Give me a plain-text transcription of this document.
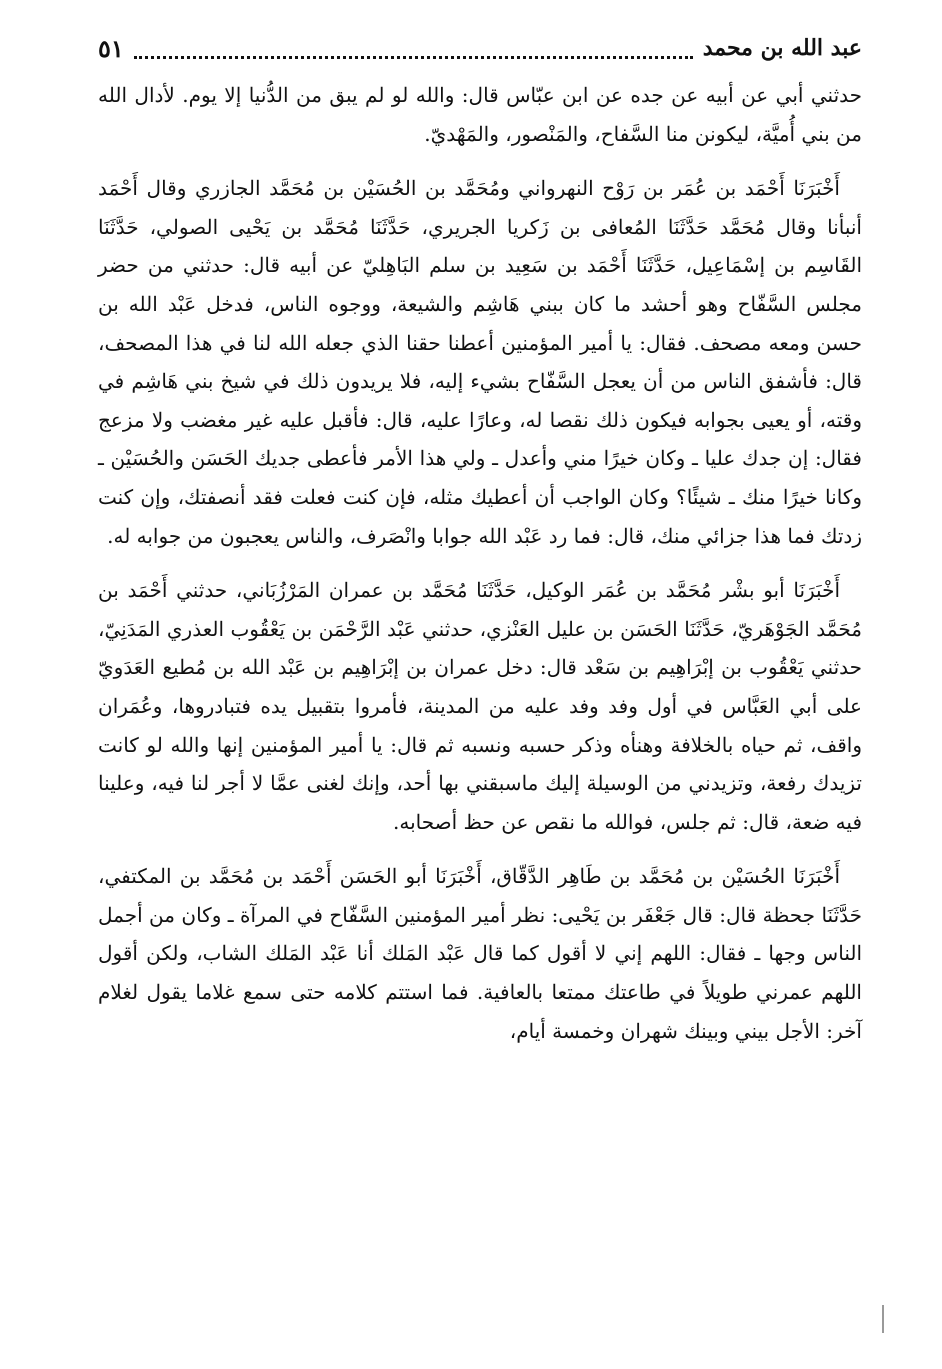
عبد الله بن محمد
٥١

حدثني أبي عن أبيه عن جده عن ابن عبّاس قال: والله لو لم يبق من الدُّنيا إلا يوم. لأدال الله من بني أُميَّة، ليكونن منا السَّفاح، والمَنْصور، والمَهْديّ.

أَخْبَرَنَا أَحْمَد بن عُمَر بن رَوْح النهرواني ومُحَمَّد بن الحُسَيْن بن مُحَمَّد الجازري وقال أَحْمَد أنبأنا وقال مُحَمَّد حَدَّثَنَا المُعافى بن زَكريا الجريري، حَدَّثَنَا مُحَمَّد بن يَحْيى الصولي، حَدَّثَنَا القَاسِم بن إسْمَاعِيل، حَدَّثَنَا أَحْمَد بن سَعِيد بن سلم البَاهِليّ عن أبيه قال: حدثني من حضر مجلس السَّفّاح وهو أحشد ما كان ببني هَاشِم والشيعة، ووجوه الناس، فدخل عَبْد الله بن حسن ومعه مصحف. فقال: يا أمير المؤمنين أعطنا حقنا الذي جعله الله لنا في هذا المصحف، قال: فأشفق الناس من أن يعجل السَّفّاح بشيء إليه، فلا يريدون ذلك في شيخ بني هَاشِم في وقته، أو يعيى بجوابه فيكون ذلك نقصا له، وعارًا عليه، قال: فأقبل عليه غير مغضب ولا مزعج فقال: إن جدك عليا ـ وكان خيرًا مني وأعدل ـ ولي هذا الأمر فأعطى جديك الحَسَن والحُسَيْن ـ وكانا خيرًا منك ـ شيئًا؟ وكان الواجب أن أعطيك مثله، فإن كنت فعلت فقد أنصفتك، وإن كنت زدتك فما هذا جزائي منك، قال: فما رد عَبْد الله جوابا وانْصَرف، والناس يعجبون من جوابه له.

أَخْبَرَنَا أبو بشْر مُحَمَّد بن عُمَر الوكيل، حَدَّثَنَا مُحَمَّد بن عمران المَرْزُبَاني، حدثني أَحْمَد بن مُحَمَّد الجَوْهَريّ، حَدَّثَنَا الحَسَن بن عليل العَنْزي، حدثني عَبْد الرَّحْمَن بن يَعْقُوب العذري المَدَنِيّ، حدثني يَعْقُوب بن إبْرَاهِيم بن سَعْد قال: دخل عمران بن إبْرَاهِيم بن عَبْد الله بن مُطيع العَدَويّ على أبي العَبَّاس في أول وفد وفد عليه من المدينة، فأمروا بتقبيل يده فتبادروها، وعُمَران واقف، ثم حياه بالخلافة وهنأه وذكر حسبه ونسبه ثم قال: يا أمير المؤمنين إنها والله لو كانت تزيدك رفعة، وتزيدني من الوسيلة إليك ماسبقني بها أحد، وإنك لغنى عمَّا لا أجر لنا فيه، وعلينا فيه ضعة، قال: ثم جلس، فوالله ما نقص عن حظ أصحابه.

أَخْبَرَنَا الحُسَيْن بن مُحَمَّد بن طَاهِر الدَّقّاق، أَخْبَرَنَا أبو الحَسَن أَحْمَد بن مُحَمَّد بن المكتفي، حَدَّثَنَا جحظة قال: قال جَعْفَر بن يَحْيى: نظر أمير المؤمنين السَّفّاح في المرآة ـ وكان من أجمل الناس وجها ـ فقال: اللهم إني لا أقول كما قال عَبْد المَلك أنا عَبْد المَلك الشاب، ولكن أقول اللهم عمرني طويلاً في طاعتك ممتعا بالعافية. فما استتم كلامه حتى سمع غلاما يقول لغلام آخر: الأجل بيني وبينك شهران وخمسة أيام،
